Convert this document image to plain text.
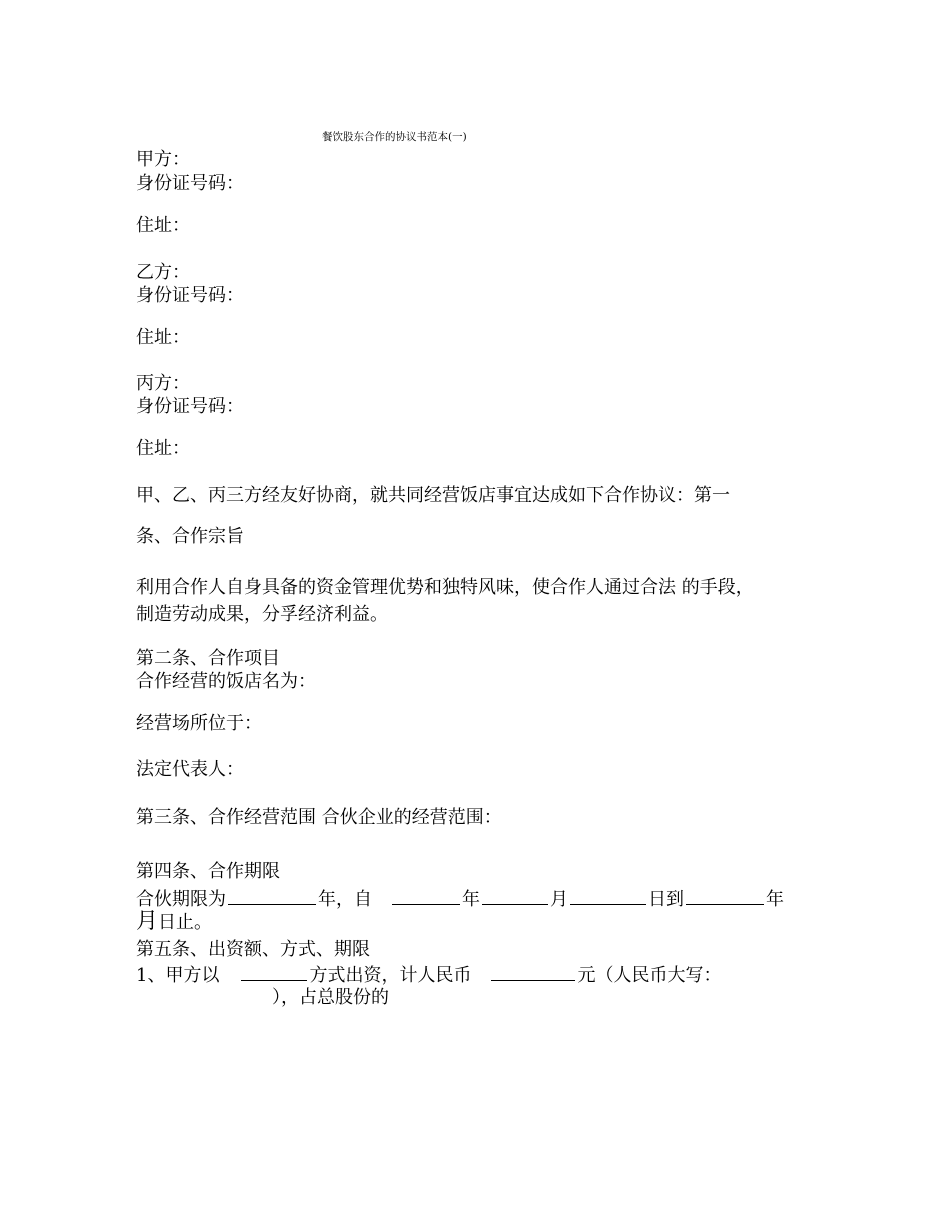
餐饮股东合作的协议书范本(一)
甲方：
身份证号码：
住址：
乙方：
身份证号码：
住址：
丙方：
身份证号码：
住址：
甲、乙、丙三方经友好协商，就共同经营饭店事宜达成如下合作协议：第一
条、合作宗旨
利用合作人自身具备的资金管理优势和独特风味，使合作人通过合法 的手段，
制造劳动成果，分孚经济利益。
第二条、合作项目
合作经营的饭店名为：
经营场所位于：
法定代表人：
第三条、合作经营范围 合伙企业的经营范围：
第四条、合作期限
合伙期限为	年，自	年	月	日到	年
月日止。
第五条、出资额、方式、期限
1、甲方以	方式出资，计人民币	元（人民币大写：
），占总股份的
